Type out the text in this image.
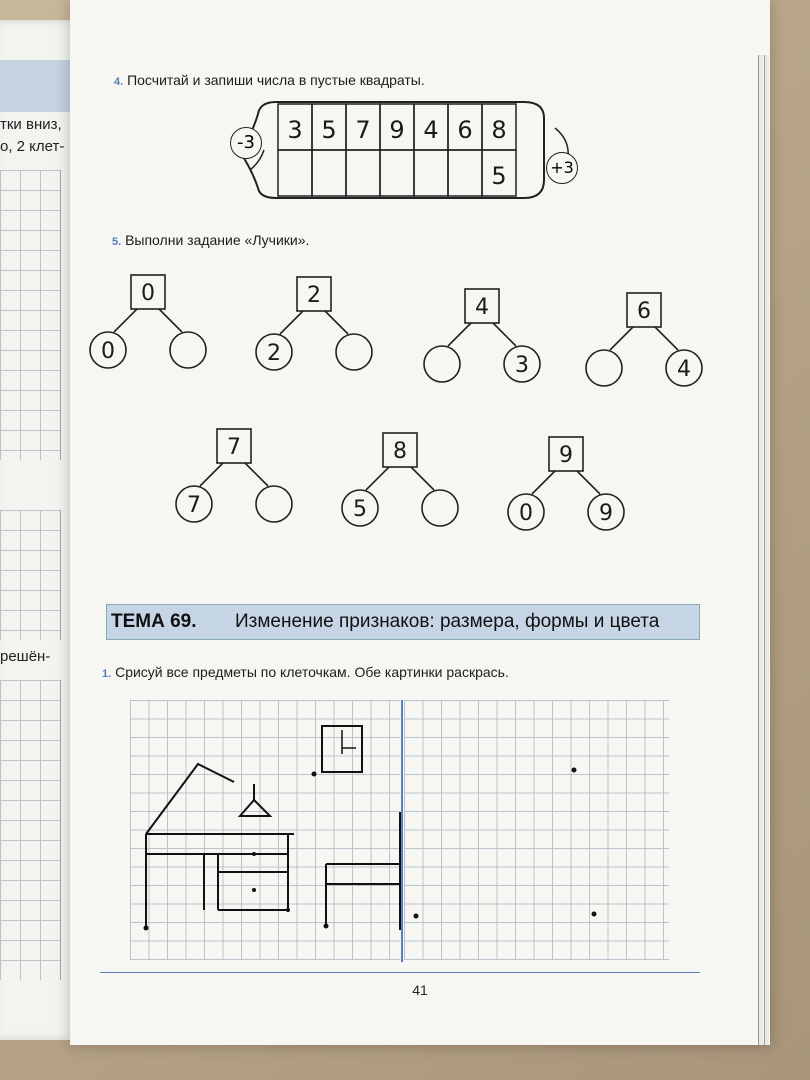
тки вниз,
о, 2 клет-
решён-
4. Посчитай и запиши числа в пустые квадраты.
3 5 7 9 4 6 8
5
-3
+3
5. Выполни задание «Лучики».
0
0
2
2
4
3
6
4
7
7
8
5
9
0	9
ТЕМА 69. Изменение признаков: размера, формы и цвета
1. Срисуй все предметы по клеточкам. Обе картинки раскрась.
41
